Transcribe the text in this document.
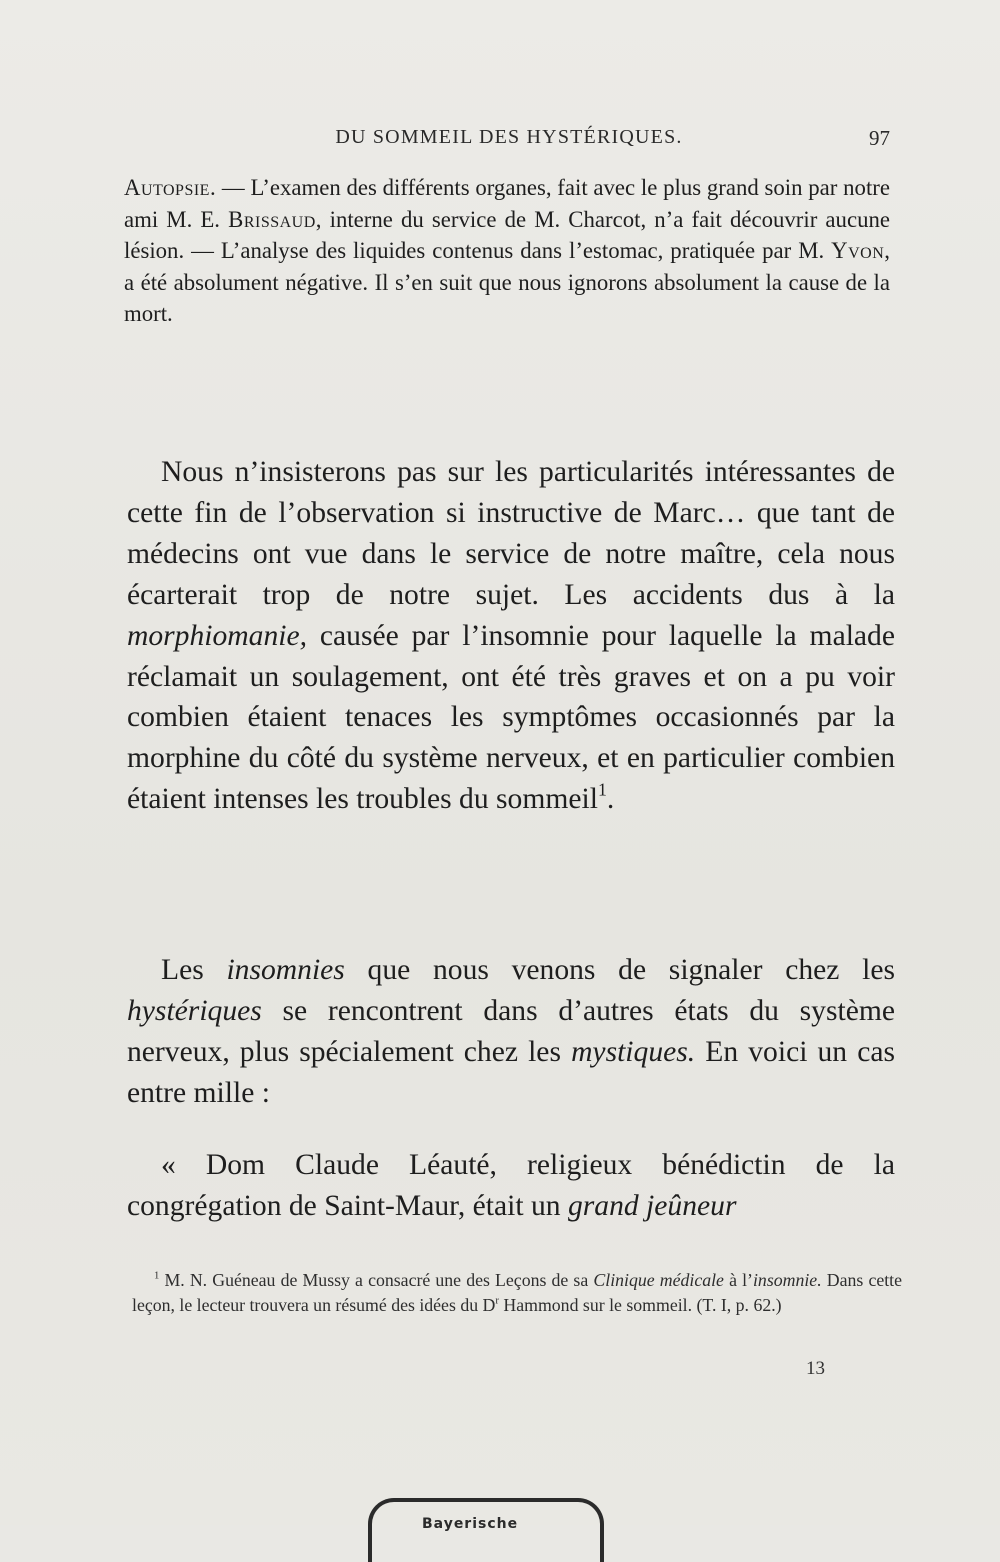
DU SOMMEIL DES HYSTÉRIQUES.	97
Autopsie. — L’examen des différents organes, fait avec le plus grand soin par notre ami M. E. Brissaud, interne du service de M. Charcot, n’a fait découvrir aucune lésion. — L’analyse des liquides contenus dans l’estomac, pratiquée par M. Yvon, a été absolument négative. Il s’en suit que nous ignorons absolument la cause de la mort.
Nous n’insisterons pas sur les particularités intéressantes de cette fin de l’observation si instructive de Marc… que tant de médecins ont vue dans le service de notre maître, cela nous écarterait trop de notre sujet. Les accidents dus à la morphiomanie, causée par l’insomnie pour laquelle la malade réclamait un soulagement, ont été très graves et on a pu voir combien étaient tenaces les symptômes occasionnés par la morphine du côté du système nerveux, et en particulier combien étaient intenses les troubles du sommeil$^1$.
Les insomnies que nous venons de signaler chez les hystériques se rencontrent dans d’autres états du système nerveux, plus spécialement chez les mystiques. En voici un cas entre mille :
« Dom Claude Léauté, religieux bénédictin de la congrégation de Saint-Maur, était un grand jeûneur
$^1$ M. N. Guéneau de Mussy a consacré une des Leçons de sa Clinique médicale à l’insomnie. Dans cette leçon, le lecteur trouvera un résumé des idées du $D^r$ Hammond sur le sommeil. (T. I, p. 62.)
13
Bayerische
